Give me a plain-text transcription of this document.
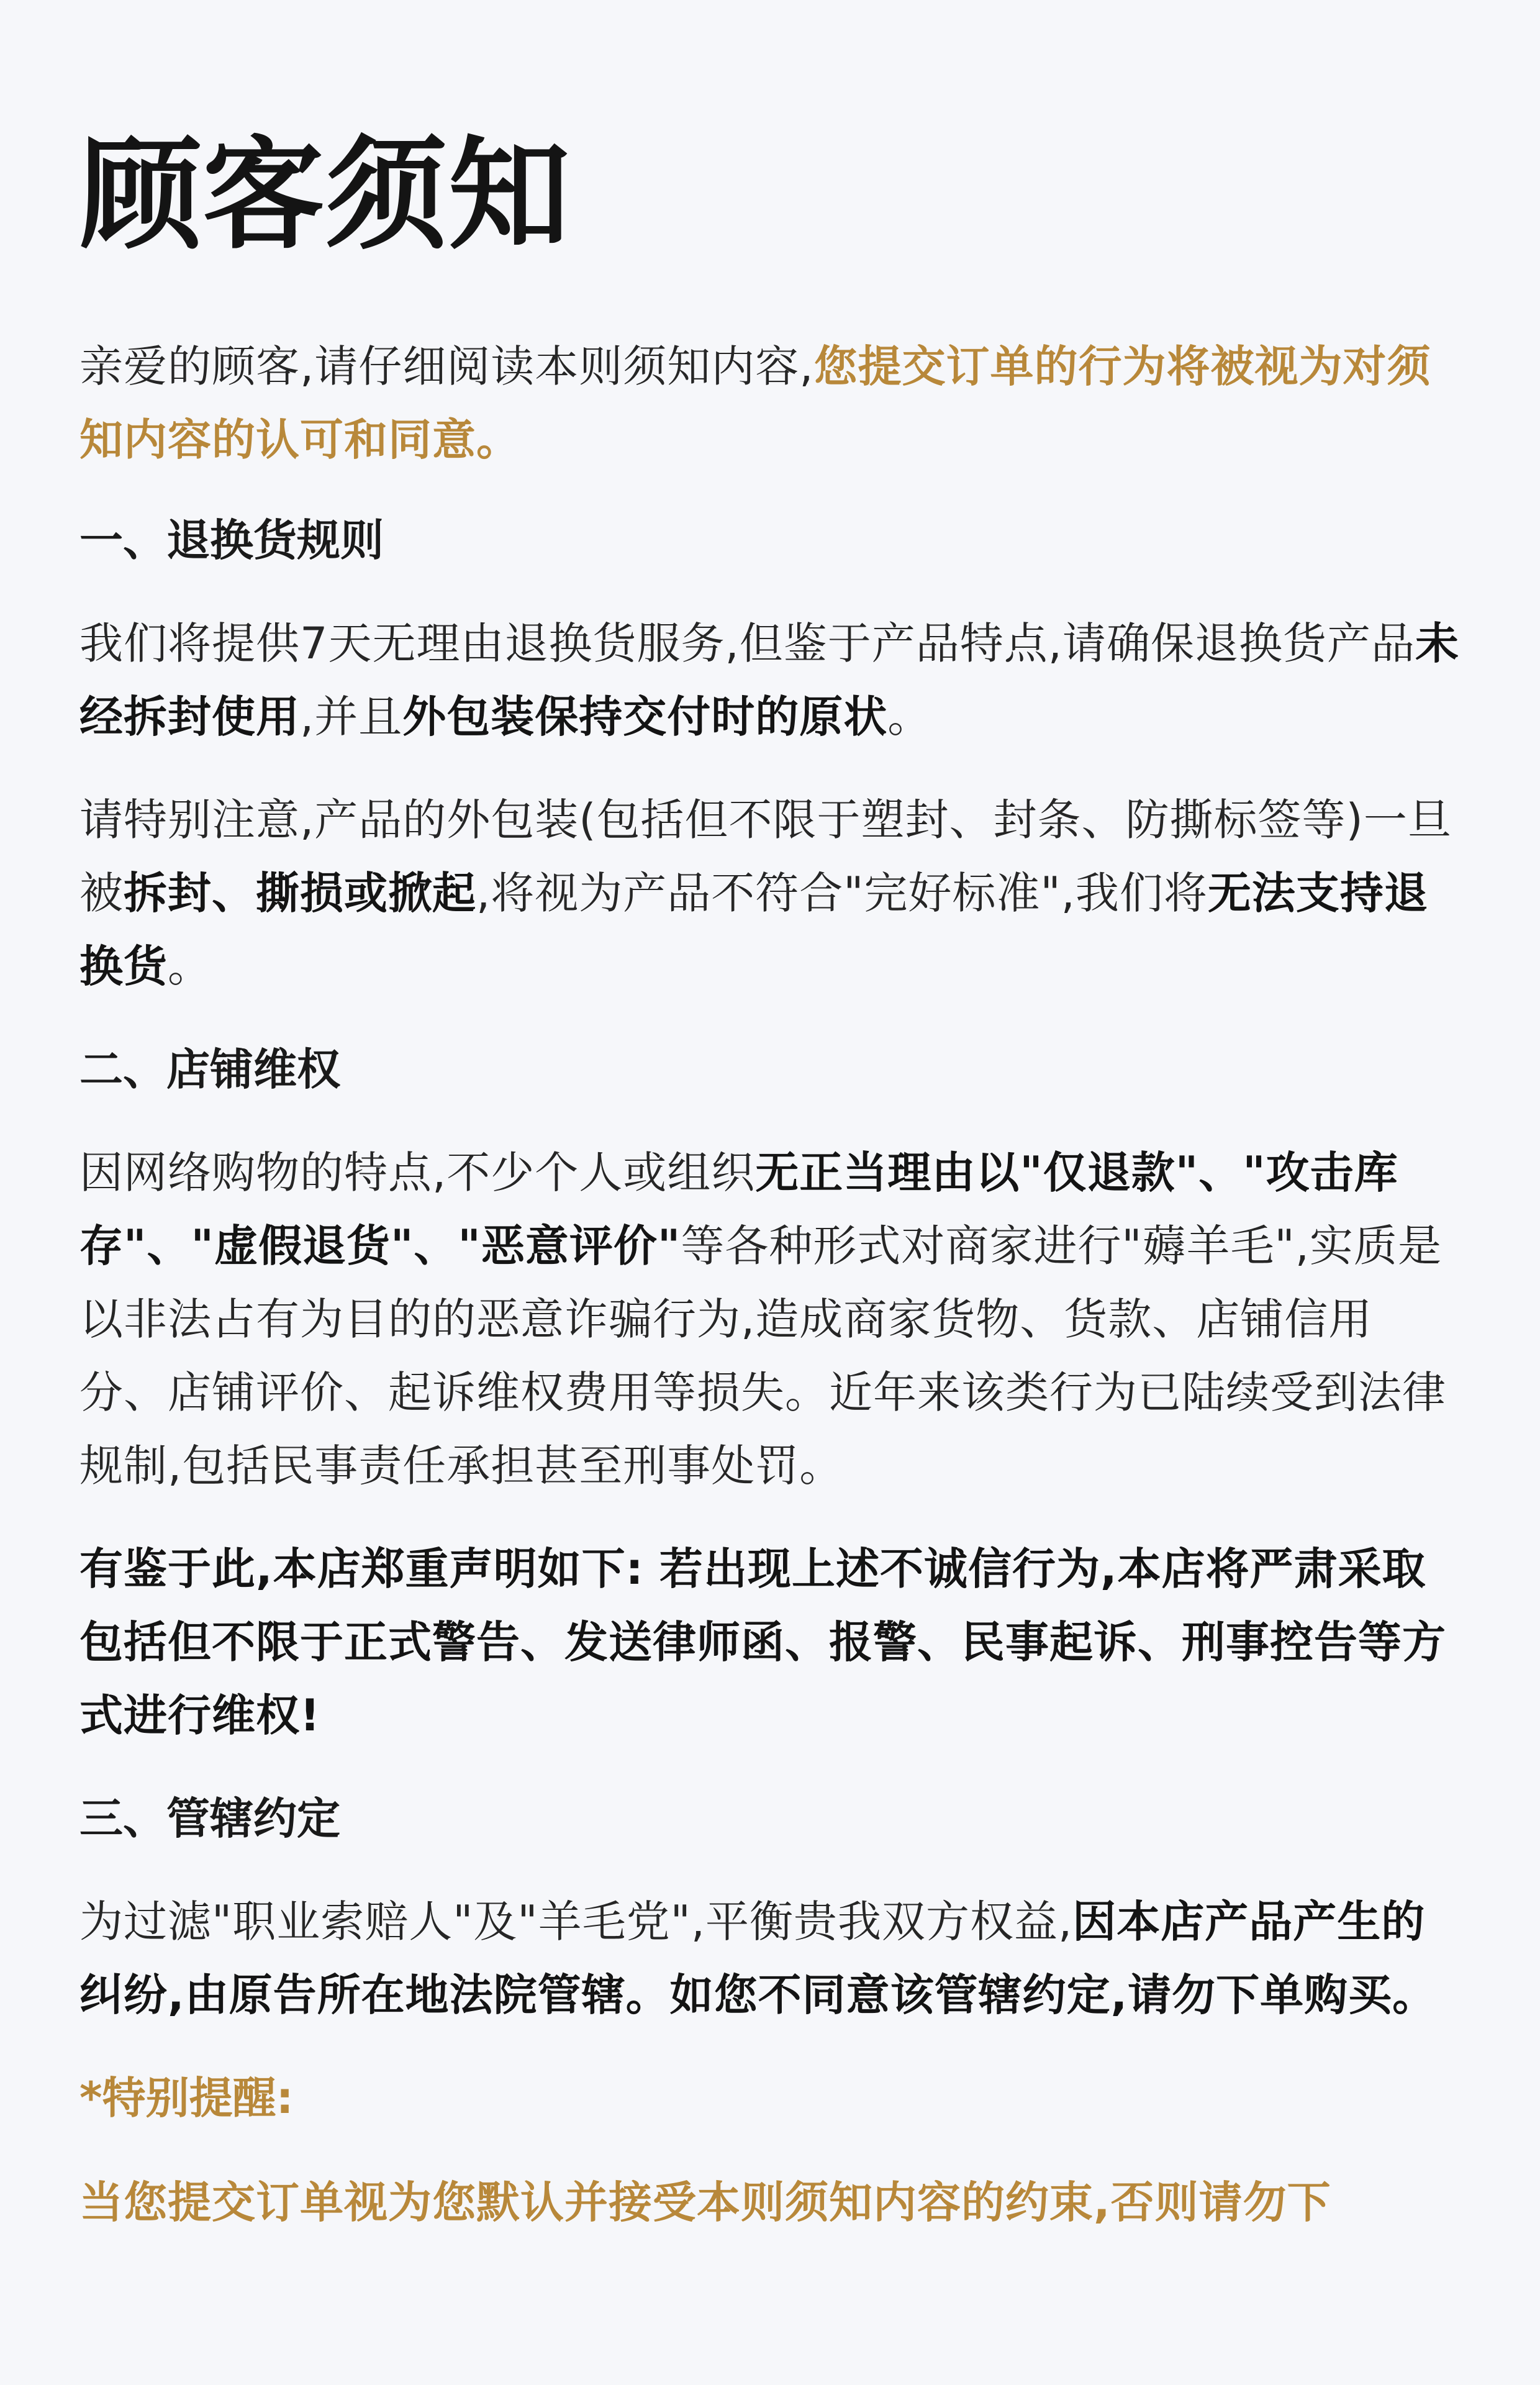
顾客须知

亲爱的顾客,请仔细阅读本则须知内容,您提交订单的行为将被视为对须知内容的认可和同意。

一、退换货规则

我们将提供7天无理由退换货服务,但鉴于产品特点,请确保退换货产品未经拆封使用,并且外包装保持交付时的原状。

请特别注意,产品的外包装(包括但不限于塑封、封条、防撕标签等)一旦被拆封、撕损或掀起,将视为产品不符合"完好标准",我们将无法支持退换货。

二、店铺维权

因网络购物的特点,不少个人或组织无正当理由以"仅退款"、"攻击库存"、"虚假退货"、"恶意评价"等各种形式对商家进行"薅羊毛",实质是以非法占有为目的的恶意诈骗行为,造成商家货物、货款、店铺信用分、店铺评价、起诉维权费用等损失。近年来该类行为已陆续受到法律规制,包括民事责任承担甚至刑事处罚。

有鉴于此,本店郑重声明如下: 若出现上述不诚信行为,本店将严肃采取包括但不限于正式警告、发送律师函、报警、民事起诉、刑事控告等方式进行维权!

三、管辖约定

为过滤"职业索赔人"及"羊毛党",平衡贵我双方权益,因本店产品产生的纠纷,由原告所在地法院管辖。如您不同意该管辖约定,请勿下单购买。

*特别提醒:

当您提交订单视为您默认并接受本则须知内容的约束,否则请勿下
